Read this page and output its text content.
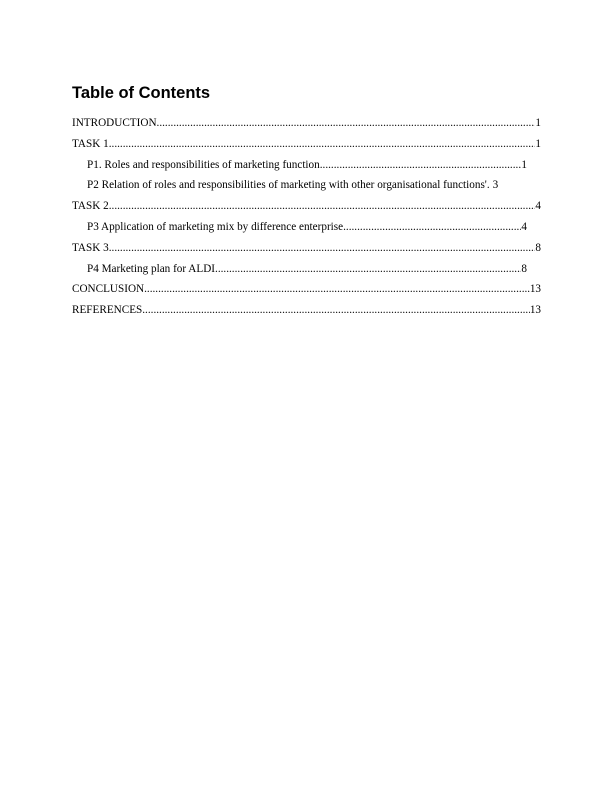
Table of Contents
INTRODUCTION .....	1
TASK 1 .....	1
P1. Roles and responsibilities of marketing function .....	1
P2 Relation of roles and responsibilities of marketing with other organisational functions'. 3
TASK 2 .....	4
P3 Application of marketing mix by difference enterprise .....	4
TASK 3 .....	8
P4 Marketing plan for ALDI .....	8
CONCLUSION .....	13
REFERENCES .....	13
